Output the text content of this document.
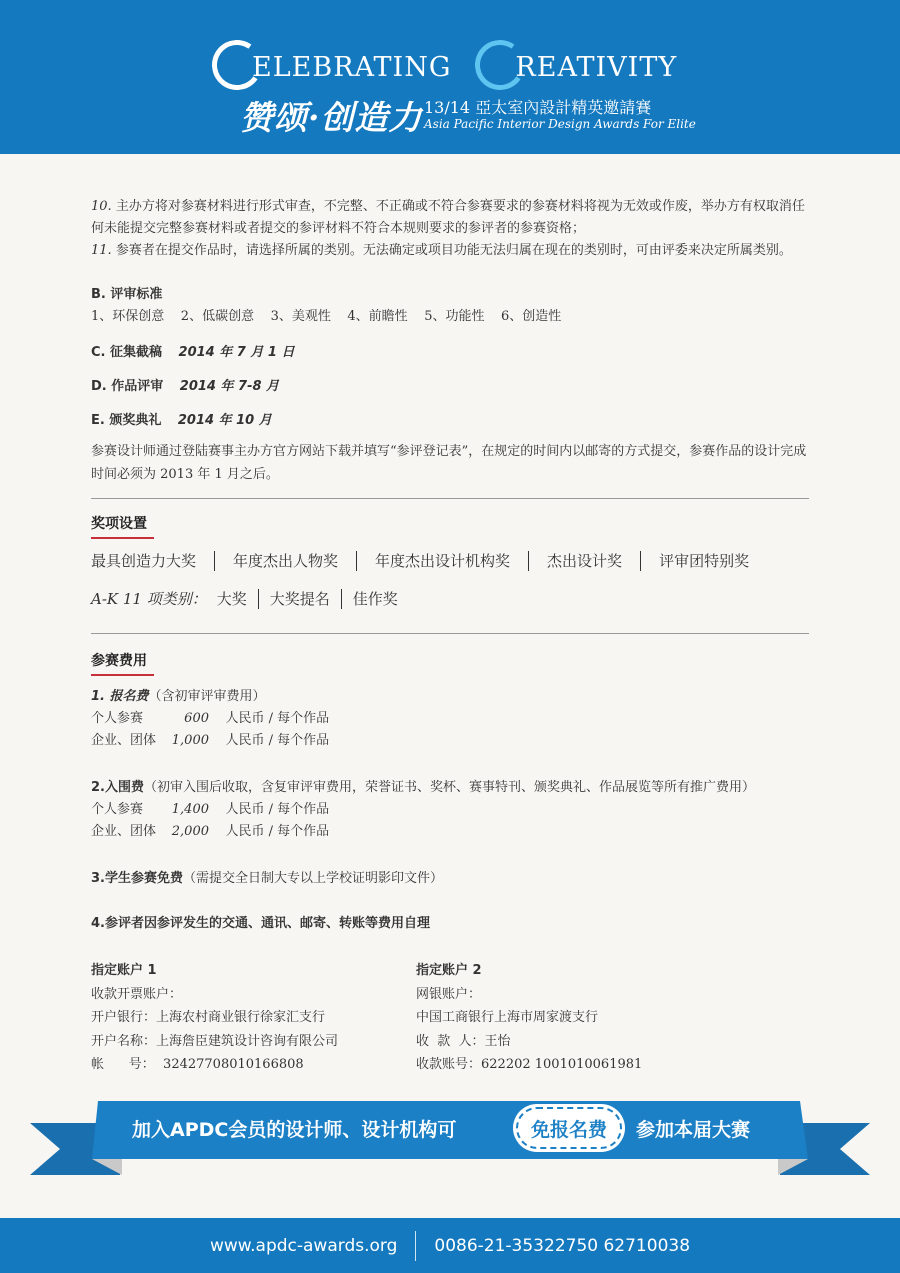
ELEBRATING REATIVITY
赞颂·创造力 13/14 亞太室內設計精英邀請賽
Asia Pacific Interior Design Awards For Elite

10. 主办方将对参赛材料进行形式审查，不完整、不正确或不符合参赛要求的参赛材料将视为无效或作废，举办方有权取消任何未能提交完整参赛材料或者提交的参评材料不符合本规则要求的参评者的参赛资格；

11. 参赛者在提交作品时，请选择所属的类别。无法确定或项目功能无法归属在现在的类别时，可由评委来决定所属类别。

B. 评审标准
1、环保创意    2、低碳创意    3、美观性    4、前瞻性    5、功能性    6、创造性
C. 征集截稿 2014 年 7 月 1 日
D. 作品评审 2014 年 7-8 月
E. 颁奖典礼 2014 年 10 月
参赛设计师通过登陆赛事主办方官方网站下载并填写“参评登记表”，在规定的时间内以邮寄的方式提交，参赛作品的设计完成时间必须为 2013 年 1 月之后。
奖项设置
最具创造力大奖 年度杰出人物奖 年度杰出设计机构奖 杰出设计奖 评审团特别奖
A-K 11 项类别： 大奖 大奖提名 佳作奖
参赛费用
1. 报名费（含初审评审费用）
个人参赛	600 人民币 / 每个作品
企业、团体 1,000 人民币 / 每个作品
2.入围费（初审入围后收取，含复审评审费用，荣誉证书、奖杯、赛事特刊、颁奖典礼、作品展览等所有推广费用）
个人参赛 1,400 人民币 / 每个作品
企业、团体 2,000 人民币 / 每个作品
3.学生参赛免费（需提交全日制大专以上学校证明影印文件）
4.参评者因参评发生的交通、通讯、邮寄、转账等费用自理
指定账户 1
收款开票账户：
开户银行：上海农村商业银行徐家汇支行
开户名称：上海詹臣建筑设计咨询有限公司
帐      号：  32427708010166808
指定账户 2
网银账户：
中国工商银行上海市周家渡支行
收  款  人：王怡
收款账号：622202 1001010061981
加入APDC会员的设计师、设计机构可	免报名费	参加本届大赛
www.apdc-awards.org 0086-21-35322750 62710038
